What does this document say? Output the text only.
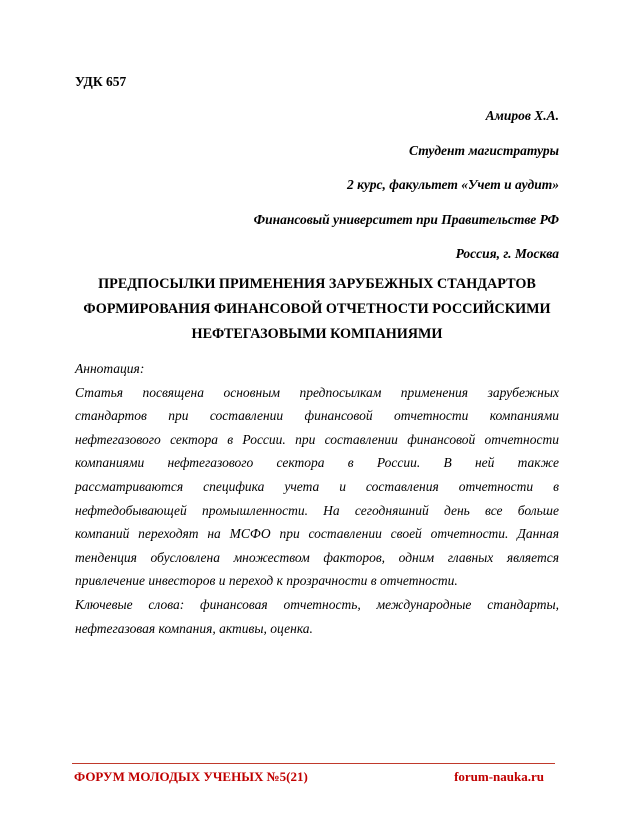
УДК 657
Амиров Х.А.
Студент магистратуры
2 курс, факультет «Учет и аудит»
Финансовый университет при Правительстве РФ
Россия, г. Москва
ПРЕДПОСЫЛКИ ПРИМЕНЕНИЯ ЗАРУБЕЖНЫХ СТАНДАРТОВ
ФОРМИРОВАНИЯ ФИНАНСОВОЙ ОТЧЕТНОСТИ РОССИЙСКИМИ
НЕФТЕГАЗОВЫМИ КОМПАНИЯМИ
Аннотация:
Статья посвящена основным предпосылкам применения зарубежных
стандартов при составлении финансовой отчетности компаниями
нефтегазового сектора в России. при составлении финансовой отчетности
компаниями нефтегазового сектора в России. В ней также
рассматриваются специфика учета и составления отчетности в
нефтедобывающей промышленности. На сегодняшний день все больше
компаний переходят на МСФО при составлении своей отчетности. Данная
тенденция обусловлена множеством факторов, одним главных является
привлечение инвесторов и переход к прозрачности в отчетности.
Ключевые слова: финансовая отчетность, международные стандарты,
нефтегазовая компания, активы, оценка.
ФОРУМ МОЛОДЫХ УЧЕНЫХ №5(21)	forum-nauka.ru
